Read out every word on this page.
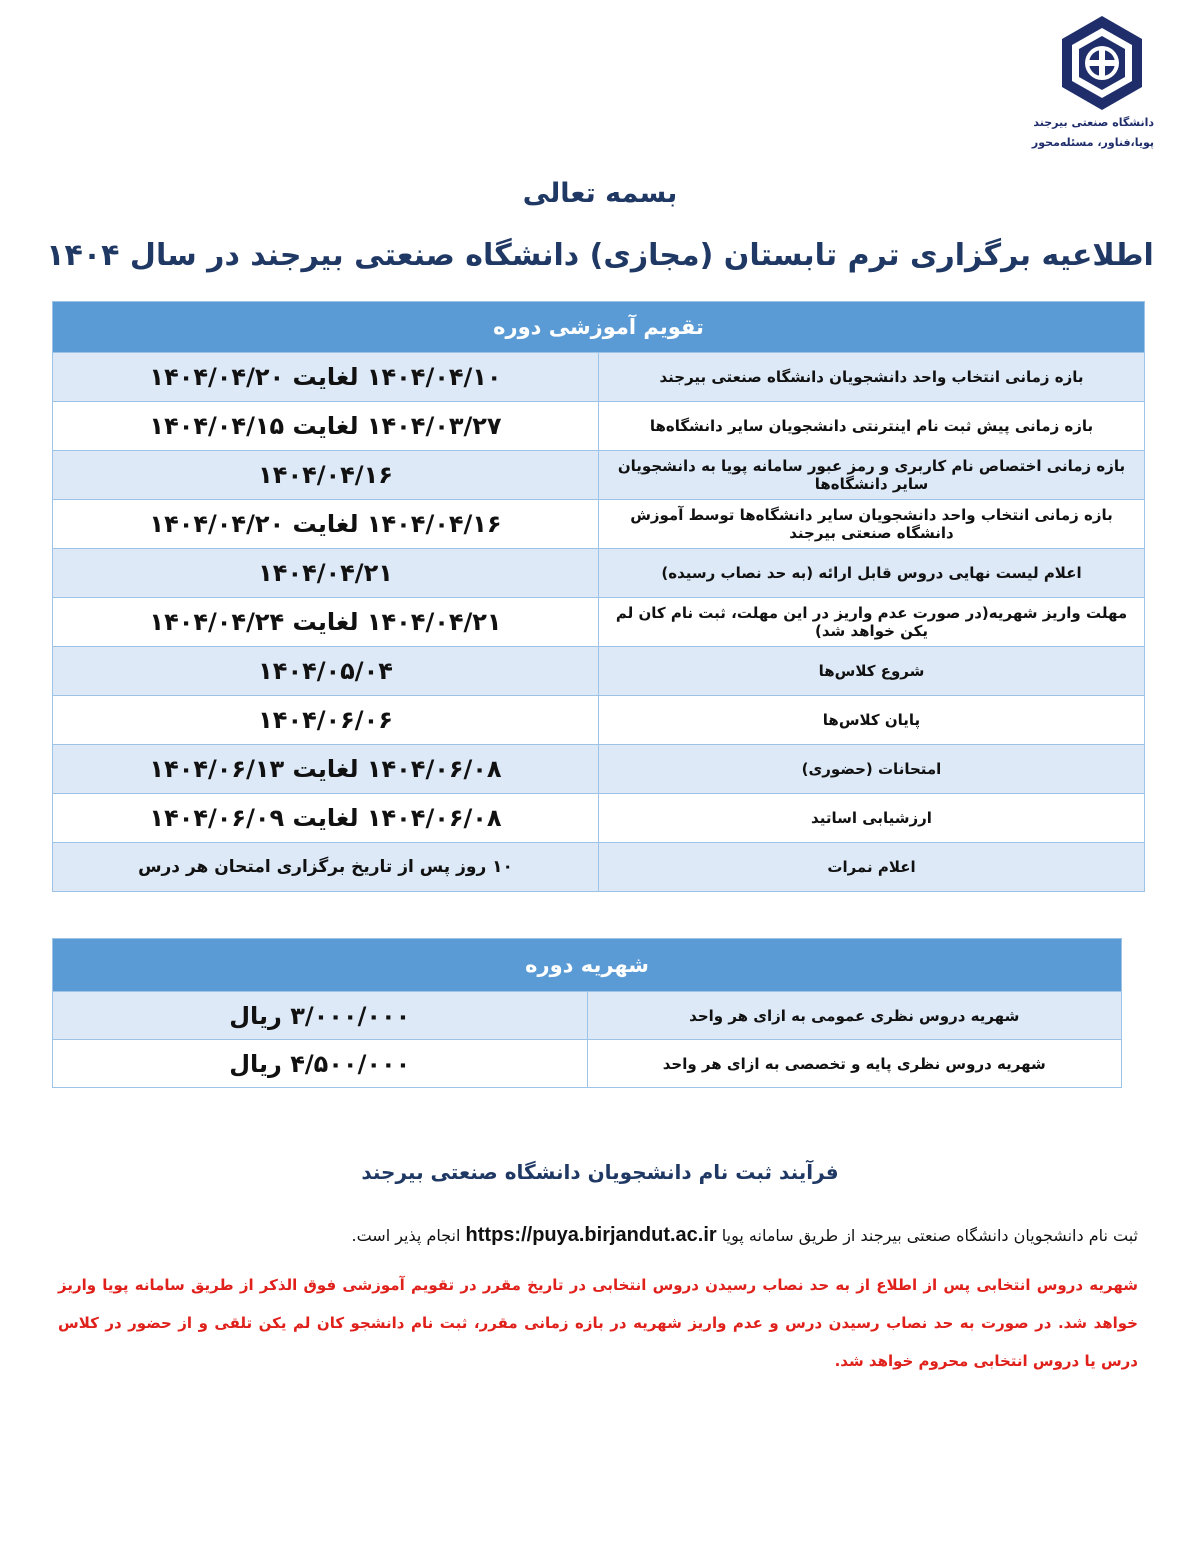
دانشگاه صنعتی بیرجند
پویا،فناور، مسئله‌محور
بسمه تعالی
اطلاعیه برگزاری ترم تابستان (مجازی) دانشگاه صنعتی بیرجند در سال ۱۴۰۴
تقویم آموزشی دوره	
بازه زمانی انتخاب واحد دانشجویان دانشگاه صنعتی بیرجند	۱۴۰۴/۰۴/۱۰ لغایت ۱۴۰۴/۰۴/۲۰
بازه زمانی پیش ثبت نام اینترنتی دانشجویان سایر دانشگاه‌ها	۱۴۰۴/۰۳/۲۷ لغایت ۱۴۰۴/۰۴/۱۵
بازه زمانی اختصاص نام کاربری و رمز عبور سامانه پویا به دانشجویان سایر دانشگاه‌ها	۱۴۰۴/۰۴/۱۶
بازه زمانی انتخاب واحد دانشجویان سایر دانشگاه‌ها توسط آموزش دانشگاه صنعتی بیرجند	۱۴۰۴/۰۴/۱۶ لغایت ۱۴۰۴/۰۴/۲۰
اعلام لیست نهایی دروس قابل ارائه (به حد نصاب رسیده)	۱۴۰۴/۰۴/۲۱
مهلت واریز شهریه(در صورت عدم واریز در این مهلت، ثبت نام کان لم یکن خواهد شد)	۱۴۰۴/۰۴/۲۱ لغایت ۱۴۰۴/۰۴/۲۴
شروع کلاس‌ها	۱۴۰۴/۰۵/۰۴
پایان کلاس‌ها	۱۴۰۴/۰۶/۰۶
امتحانات (حضوری)	۱۴۰۴/۰۶/۰۸ لغایت ۱۴۰۴/۰۶/۱۳
ارزشیابی اساتید	۱۴۰۴/۰۶/۰۸ لغایت ۱۴۰۴/۰۶/۰۹
اعلام نمرات	۱۰ روز پس از تاریخ برگزاری امتحان هر درس
شهریه دوره	
شهریه دروس نظری عمومی به ازای هر واحد	۳/۰۰۰/۰۰۰ ریال
شهریه دروس نظری پایه و تخصصی به ازای هر واحد	۴/۵۰۰/۰۰۰ ریال
فرآیند ثبت نام دانشجویان دانشگاه صنعتی بیرجند
ثبت نام دانشجویان دانشگاه صنعتی بیرجند از طریق سامانه پویا https://puya.birjandut.ac.ir انجام پذیر است.
شهریه دروس انتخابی پس از اطلاع از به حد نصاب رسیدن دروس انتخابی در تاریخ مقرر در تقویم آموزشی فوق الذکر از طریق سامانه پویا واریز خواهد شد. در صورت به حد نصاب رسیدن درس و عدم واریز شهریه در بازه زمانی مقرر، ثبت نام دانشجو کان لم یکن تلقی و از حضور در کلاس درس یا دروس انتخابی محروم خواهد شد.
